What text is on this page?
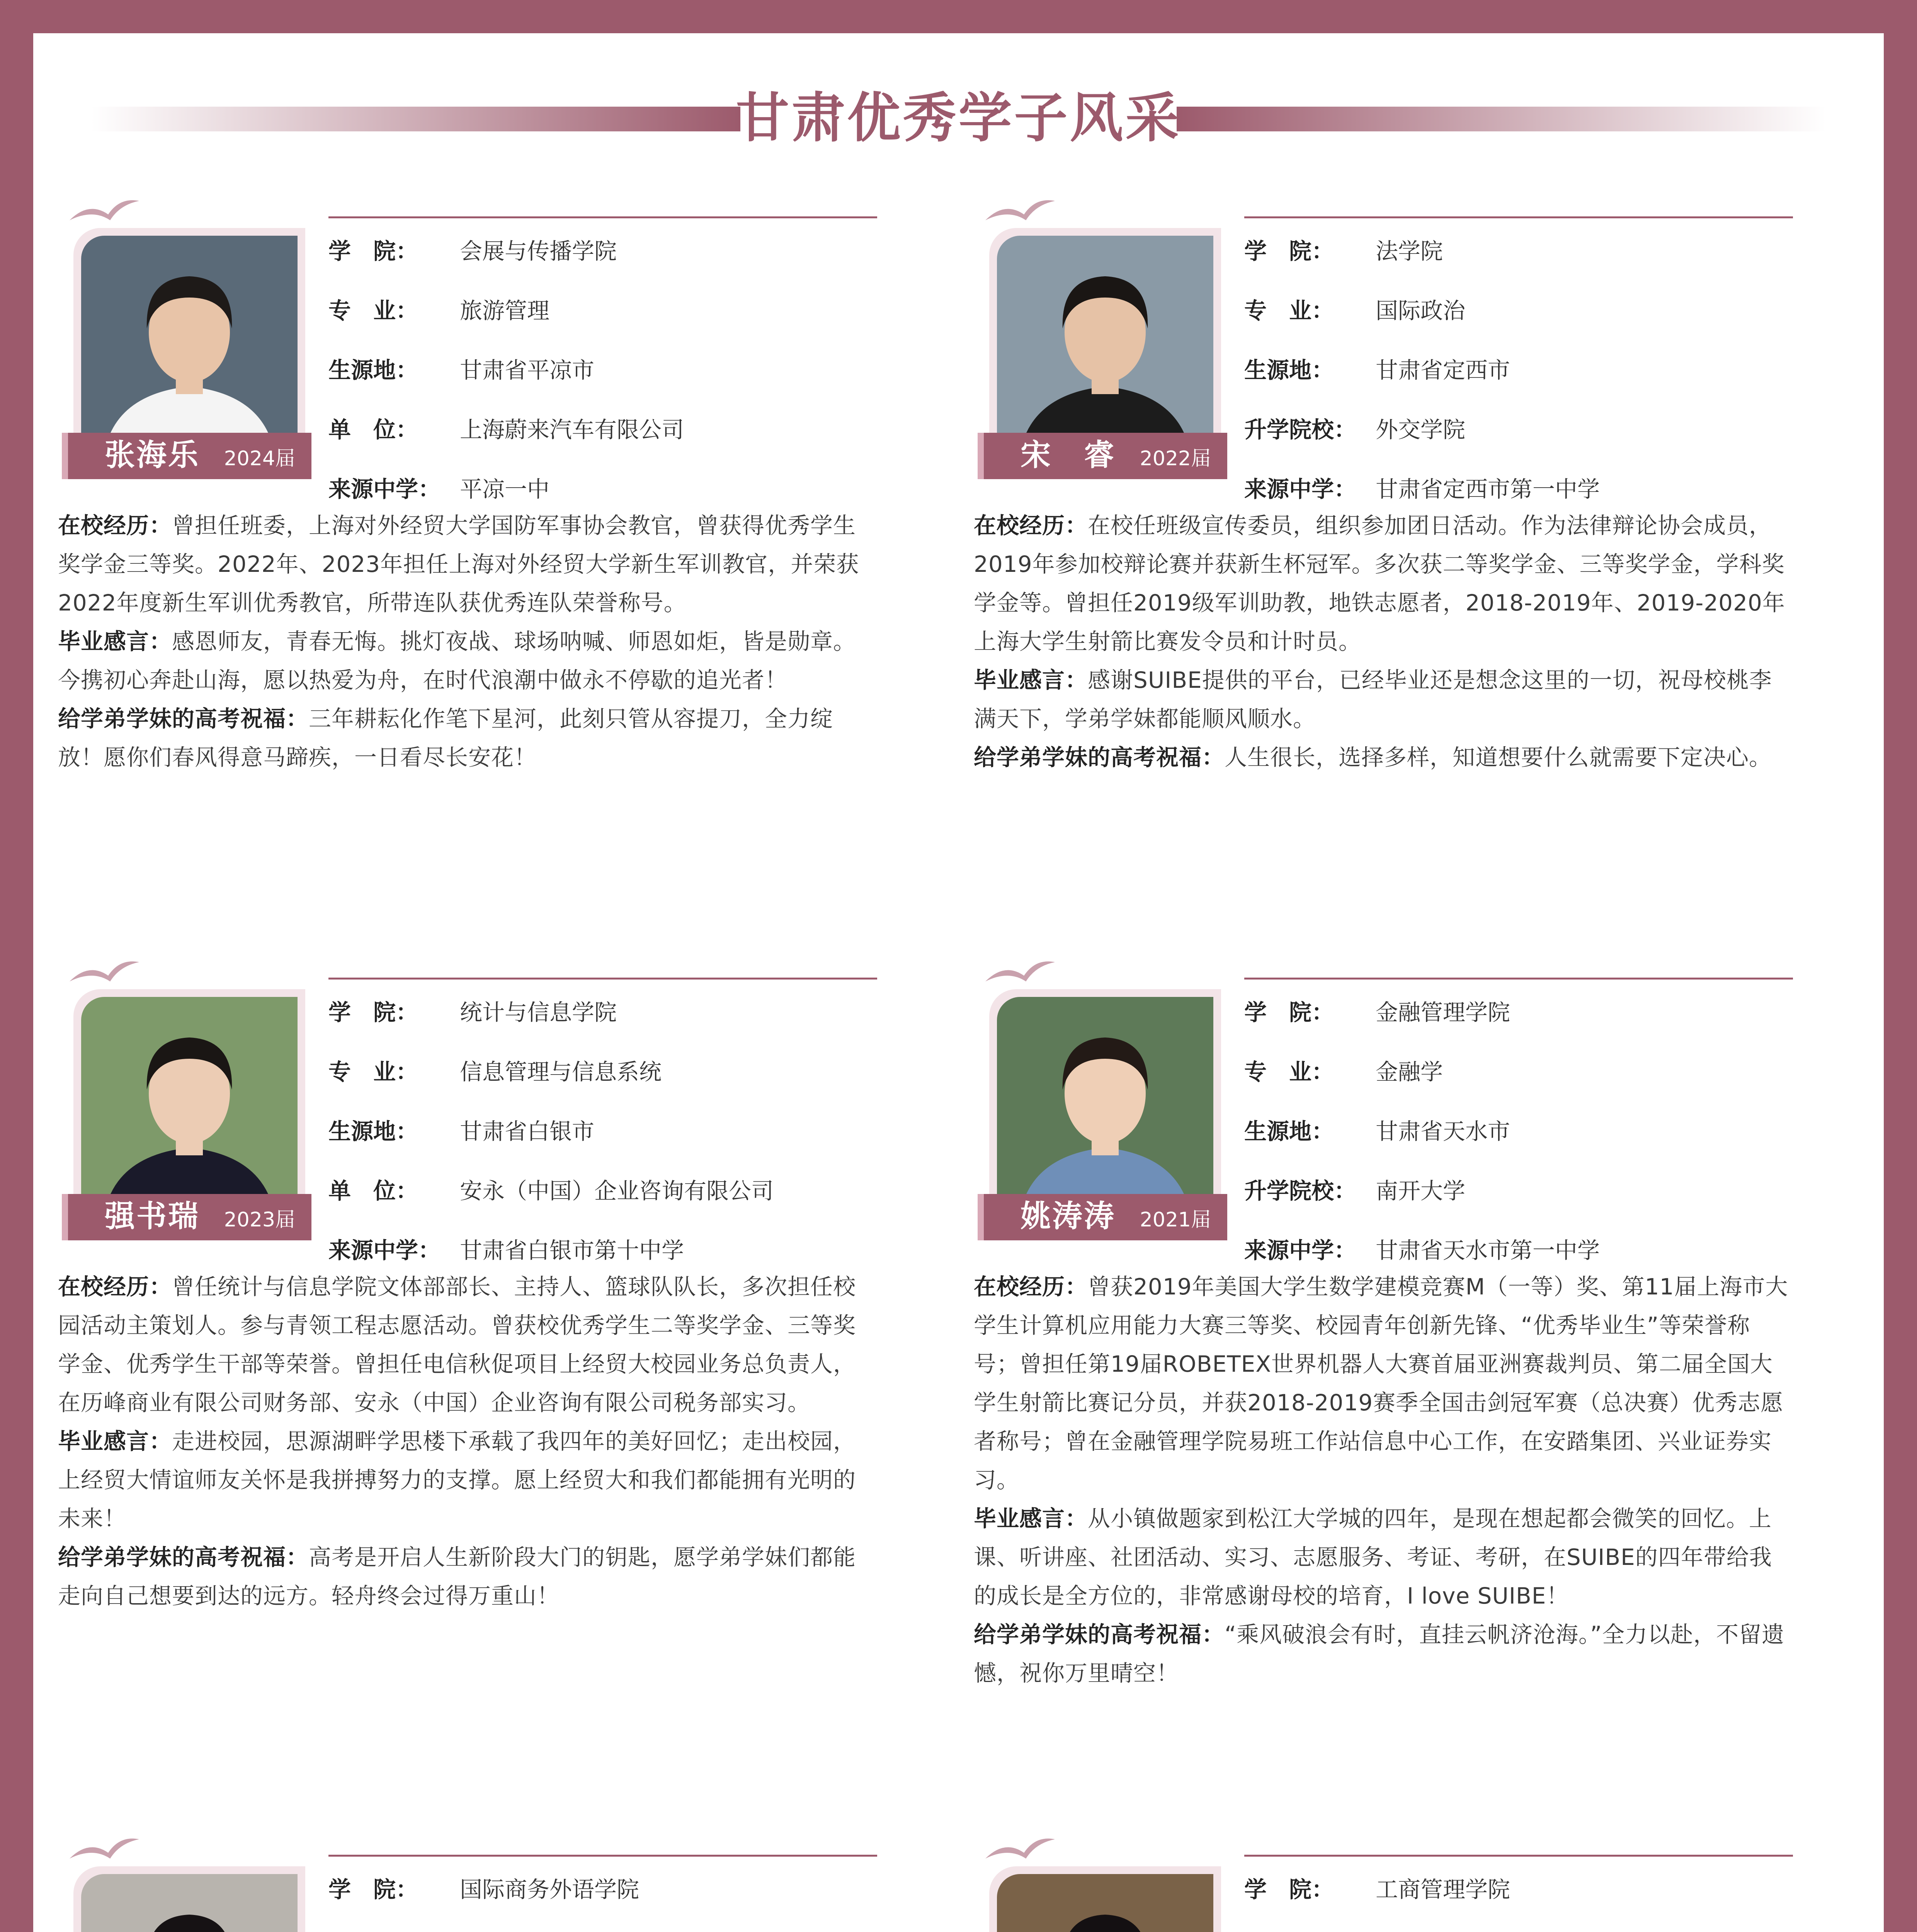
甘肃优秀学子风采
张海乐 2024届
学　院： 会展与传播学院
专　业： 旅游管理
生源地： 甘肃省平凉市
单　位： 上海蔚来汽车有限公司
来源中学： 平凉一中

在校经历：曾担任班委，上海对外经贸大学国防军事协会教官，曾获得优秀学生奖学金三等奖。2022年、2023年担任上海对外经贸大学新生军训教官，并荣获2022年度新生军训优秀教官，所带连队获优秀连队荣誉称号。

毕业感言：感恩师友，青春无悔。挑灯夜战、球场呐喊、师恩如炬，皆是勋章。今携初心奔赴山海，愿以热爱为舟，在时代浪潮中做永不停歇的追光者！

给学弟学妹的高考祝福：三年耕耘化作笔下星河，此刻只管从容提刀，全力绽放！愿你们春风得意马蹄疾，一日看尽长安花！

宋　睿 2022届
学　院： 法学院
专　业： 国际政治
生源地： 甘肃省定西市
升学院校： 外交学院
来源中学： 甘肃省定西市第一中学

在校经历：在校任班级宣传委员，组织参加团日活动。作为法律辩论协会成员，2019年参加校辩论赛并获新生杯冠军。多次获二等奖学金、三等奖学金，学科奖学金等。曾担任2019级军训助教，地铁志愿者，2018-2019年、2019-2020年上海大学生射箭比赛发令员和计时员。

毕业感言：感谢SUIBE提供的平台，已经毕业还是想念这里的一切，祝母校桃李满天下，学弟学妹都能顺风顺水。

给学弟学妹的高考祝福：人生很长，选择多样，知道想要什么就需要下定决心。

强书瑞 2023届
学　院： 统计与信息学院
专　业： 信息管理与信息系统
生源地： 甘肃省白银市
单　位： 安永（中国）企业咨询有限公司
来源中学： 甘肃省白银市第十中学

在校经历：曾任统计与信息学院文体部部长、主持人、篮球队队长，多次担任校园活动主策划人。参与青领工程志愿活动。曾获校优秀学生二等奖学金、三等奖学金、优秀学生干部等荣誉。曾担任电信秋促项目上经贸大校园业务总负责人，在历峰商业有限公司财务部、安永（中国）企业咨询有限公司税务部实习。

毕业感言：走进校园，思源湖畔学思楼下承载了我四年的美好回忆；走出校园，上经贸大情谊师友关怀是我拼搏努力的支撑。愿上经贸大和我们都能拥有光明的未来！

给学弟学妹的高考祝福：高考是开启人生新阶段大门的钥匙，愿学弟学妹们都能走向自己想要到达的远方。轻舟终会过得万重山！

姚涛涛 2021届
学　院： 金融管理学院
专　业： 金融学
生源地： 甘肃省天水市
升学院校： 南开大学
来源中学： 甘肃省天水市第一中学

在校经历：曾获2019年美国大学生数学建模竞赛M（一等）奖、第11届上海市大学生计算机应用能力大赛三等奖、校园青年创新先锋、“优秀毕业生”等荣誉称号；曾担任第19届ROBETEX世界机器人大赛首届亚洲赛裁判员、第二届全国大学生射箭比赛记分员，并获2018-2019赛季全国击剑冠军赛（总决赛）优秀志愿者称号；曾在金融管理学院易班工作站信息中心工作，在安踏集团、兴业证券实习。

毕业感言：从小镇做题家到松江大学城的四年，是现在想起都会微笑的回忆。上课、听讲座、社团活动、实习、志愿服务、考证、考研，在SUIBE的四年带给我的成长是全方位的，非常感谢母校的培育，I love SUIBE！

给学弟学妹的高考祝福：“乘风破浪会有时，直挂云帆济沧海。”全力以赴，不留遗憾，祝你万里晴空！

学　院： 国际商务外语学院	学　院： 工商管理学院
